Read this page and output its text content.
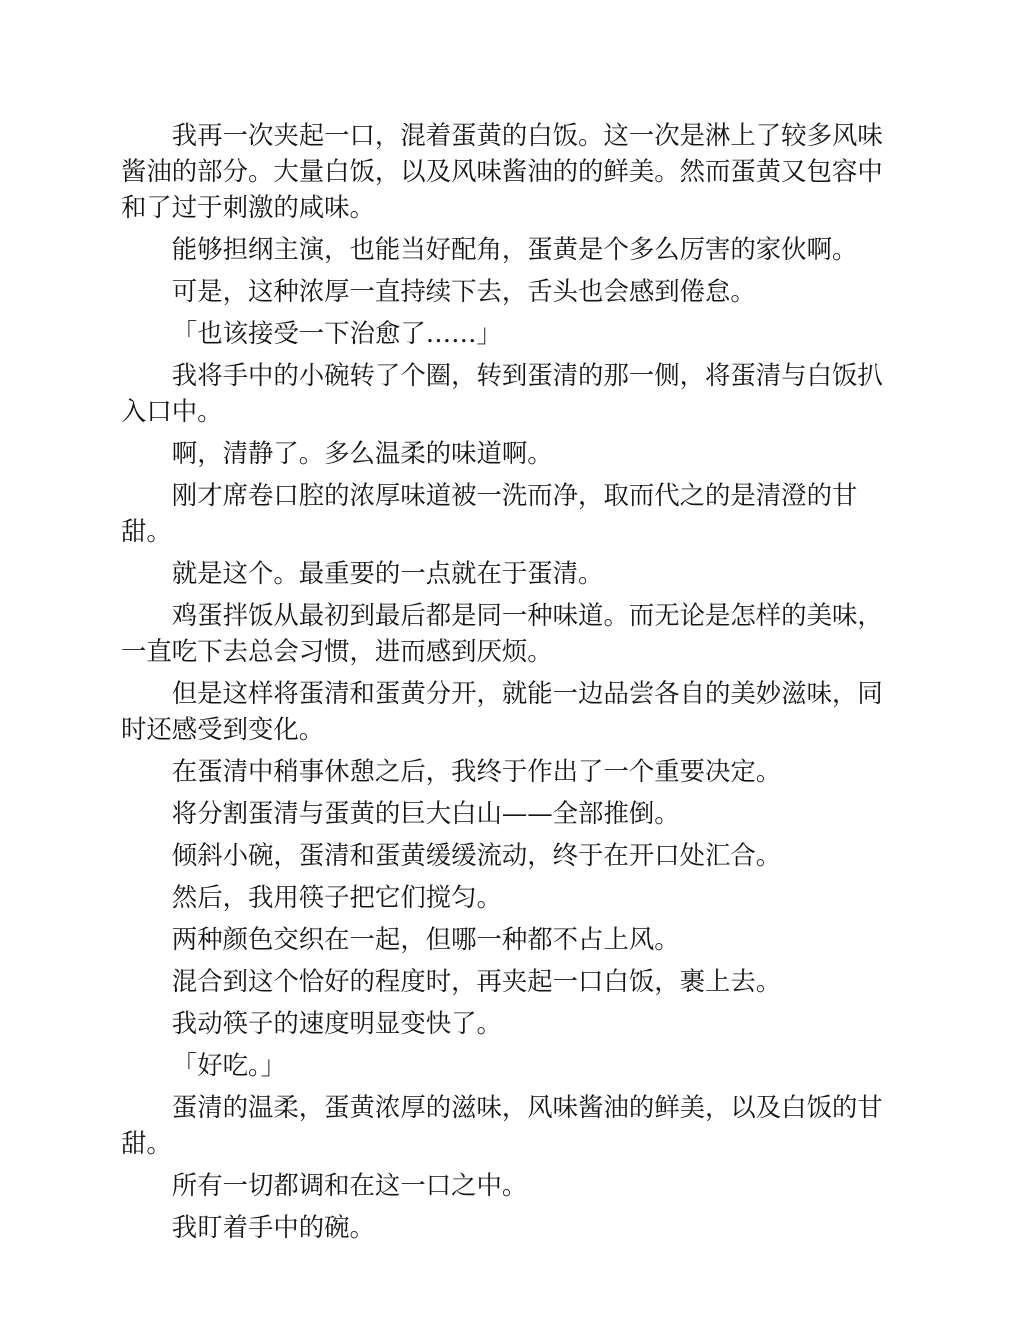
我再一次夹起一口，混着蛋黄的白饭。这一次是淋上了较多风味酱油的部分。大量白饭，以及风味酱油的的鲜美。然而蛋黄又包容中和了过于刺激的咸味。

能够担纲主演，也能当好配角，蛋黄是个多么厉害的家伙啊。

可是，这种浓厚一直持续下去，舌头也会感到倦怠。

「也该接受一下治愈了……」

我将手中的小碗转了个圈，转到蛋清的那一侧，将蛋清与白饭扒入口中。

啊，清静了。多么温柔的味道啊。

刚才席卷口腔的浓厚味道被一洗而净，取而代之的是清澄的甘甜。

就是这个。最重要的一点就在于蛋清。

鸡蛋拌饭从最初到最后都是同一种味道。而无论是怎样的美味，一直吃下去总会习惯，进而感到厌烦。

但是这样将蛋清和蛋黄分开，就能一边品尝各自的美妙滋味，同时还感受到变化。

在蛋清中稍事休憩之后，我终于作出了一个重要决定。

将分割蛋清与蛋黄的巨大白山——全部推倒。

倾斜小碗，蛋清和蛋黄缓缓流动，终于在开口处汇合。

然后，我用筷子把它们搅匀。

两种颜色交织在一起，但哪一种都不占上风。

混合到这个恰好的程度时，再夹起一口白饭，裹上去。

我动筷子的速度明显变快了。

「好吃。」

蛋清的温柔，蛋黄浓厚的滋味，风味酱油的鲜美，以及白饭的甘甜。

所有一切都调和在这一口之中。

我盯着手中的碗。
